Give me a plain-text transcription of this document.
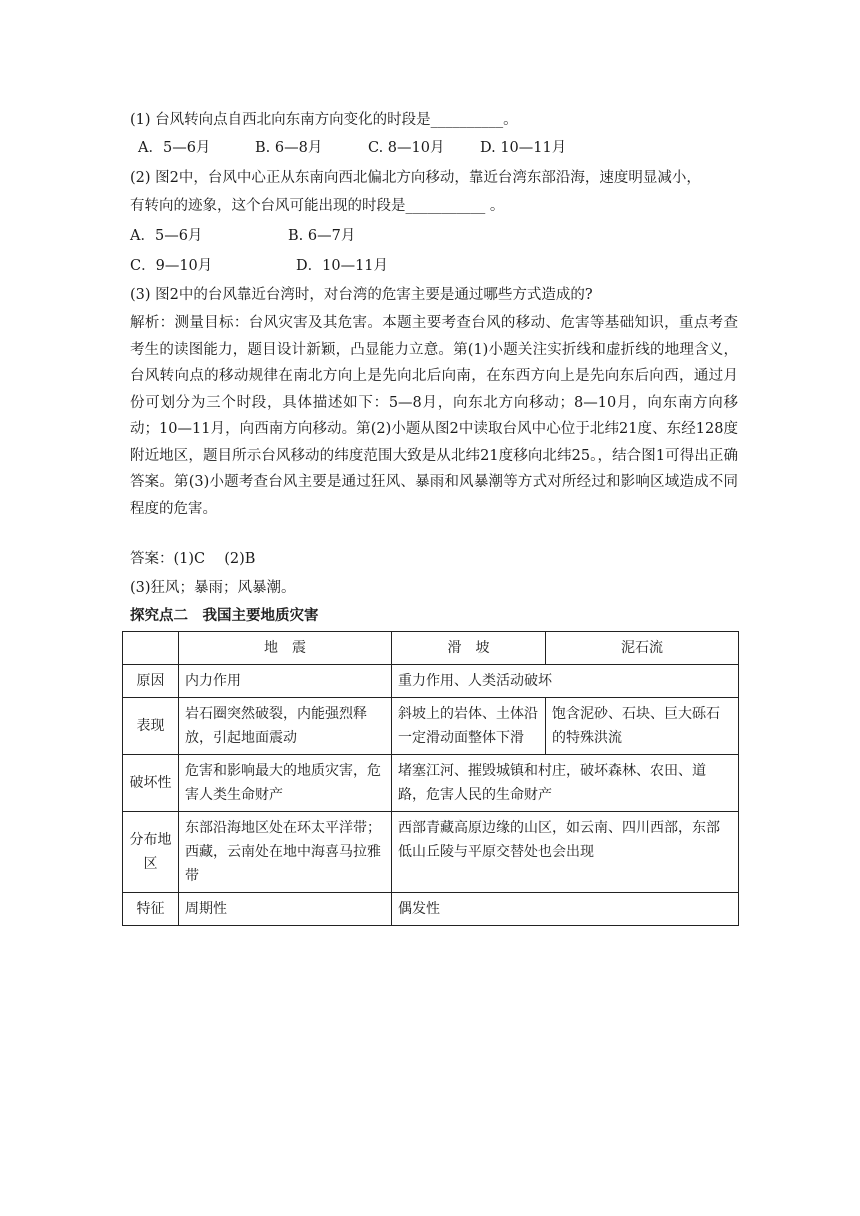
(1) 台风转向点自西北向东南方向变化的时段是__________。
A．5—6月	B. 6—8月	C. 8—10月 D. 10—11月
(2) 图2中，台风中心正从东南向西北偏北方向移动，靠近台湾东部沿海，速度明显减小，
有转向的迹象，这个台风可能出现的时段是___________ 。
A．5—6月	B. 6—7月
C．9—10月	D．10—11月
(3) 图2中的台风靠近台湾时，对台湾的危害主要是通过哪些方式造成的?
解析：测量目标：台风灾害及其危害。本题主要考查台风的移动、危害等基础知识，重点考查考生的读图能力，题目设计新颖，凸显能力立意。第(1)小题关注实折线和虚折线的地理含义，台风转向点的移动规律在南北方向上是先向北后向南，在东西方向上是先向东后向西，通过月份可划分为三个时段，具体描述如下：5—8月，向东北方向移动；8—10月，向东南方向移动；10—11月，向西南方向移动。第(2)小题从图2中读取台风中心位于北纬21度、东经128度附近地区，题目所示台风移动的纬度范围大致是从北纬21度移向北纬25。，结合图1可得出正确答案。第(3)小题考查台风主要是通过狂风、暴雨和风暴潮等方式对所经过和影响区域造成不同程度的危害。
答案：(1)C　 (2)B
(3)狂风；暴雨；风暴潮。
探究点二　我国主要地质灾害
	地　震	滑　坡	泥石流
原因	内力作用	重力作用、人类活动破坏	
表现	岩石圈突然破裂，内能强烈释放，引起地面震动	斜坡上的岩体、土体沿一定滑动面整体下滑	饱含泥砂、石块、巨大砾石的特殊洪流
破坏性	危害和影响最大的地质灾害，危害人类生命财产	堵塞江河、摧毁城镇和村庄，破坏森林、农田、道路，危害人民的生命财产	
分布地区	东部沿海地区处在环太平洋带；西藏，云南处在地中海喜马拉雅带	西部青藏高原边缘的山区，如云南、四川西部，东部低山丘陵与平原交替处也会出现	
特征	周期性	偶发性	
